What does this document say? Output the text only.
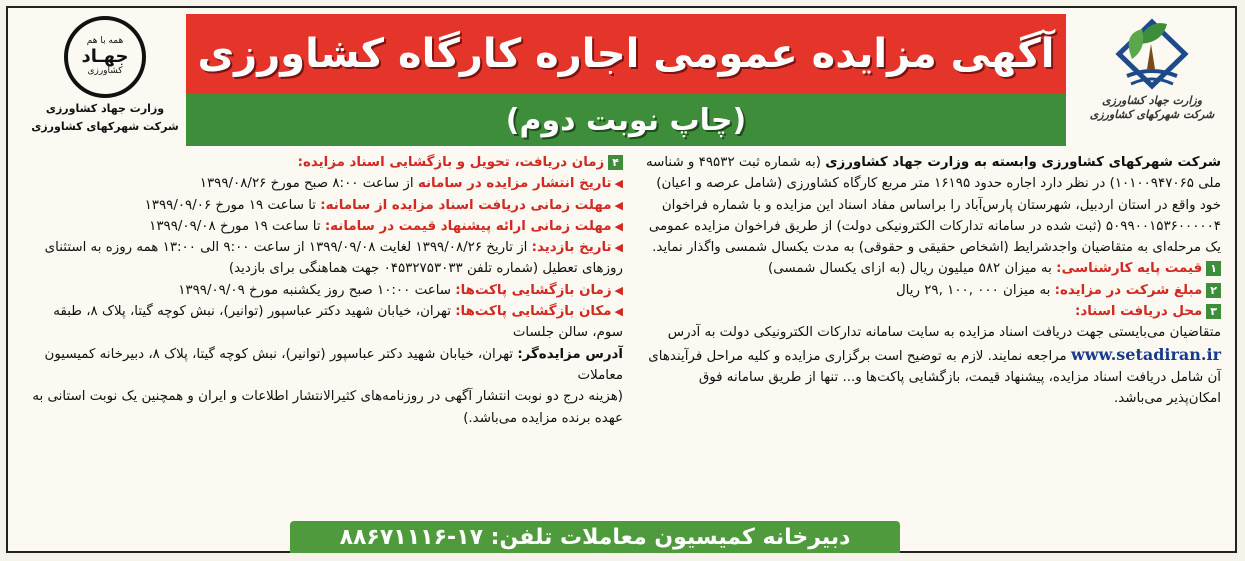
وزارت جهاد کشاورزی
شرکت شهرکهای کشاورزی
آگهی مزایده عمومی اجاره کارگاه کشاورزی
(چاپ نوبت دوم)
همه با هم
جهـاد
کشاورزی
وزارت جهاد کشاورزی
شرکت شهرکهای کشاورزی

شرکت شهرکهای کشاورزی وابسته به وزارت جهاد کشاورزی (به شماره ثبت ۴۹۵۳۲ و شناسه ملی ۱۰۱۰۰۹۴۷۰۶۵) در نظر دارد اجاره حدود ۱۶۱۹۵ متر مربع کارگاه کشاورزی (شامل عرصه و اعیان) خود واقع در استان اردبیل، شهرستان پارس‌آباد را براساس مفاد اسناد این مزایده و با شماره فراخوان ۵۰۹۹۰۰۱۵۳۶۰۰۰۰۰۴ (ثبت شده در سامانه تدارکات الکترونیکی دولت) از طریق فراخوان مزایده عمومی یک مرحله‌ای به متقاضیان واجدشرایط (اشخاص حقیقی و حقوقی) به مدت یکسال شمسی واگذار نماید.

۱قیمت پایه کارشناسی: به میزان ۵۸۲ میلیون ریال (به ازای یکسال شمسی)

۲مبلغ شرکت در مزایده: به میزان ۰۰۰ ,۱۰۰ ,۲۹ ریال

۳محل دریافت اسناد:

متقاضیان می‌بایستی جهت دریافت اسناد مزایده به سایت سامانه تدارکات الکترونیکی دولت به آدرس www.setadiran.ir مراجعه نمایند. لازم به توضیح است برگزاری مزایده و کلیه مراحل فرآیندهای آن شامل دریافت اسناد مزایده، پیشنهاد قیمت، بازگشایی پاکت‌ها و... تنها از طریق سامانه فوق امکان‌پذیر می‌باشد.

۴زمان دریافت، تحویل و بازگشایی اسناد مزایده:

◀تاریخ انتشار مزایده در سامانه از ساعت ۸:۰۰ صبح مورخ ۱۳۹۹/۰۸/۲۶

◀مهلت زمانی دریافت اسناد مزایده از سامانه: تا ساعت ۱۹ مورخ ۱۳۹۹/۰۹/۰۶

◀مهلت زمانی ارائه پیشنهاد قیمت در سامانه: تا ساعت ۱۹ مورخ ۱۳۹۹/۰۹/۰۸

◀تاریخ بازدید: از تاریخ ۱۳۹۹/۰۸/۲۶ لغایت ۱۳۹۹/۰۹/۰۸ از ساعت ۹:۰۰ الی ۱۳:۰۰ همه روزه به استثنای روزهای تعطیل (شماره تلفن ۰۴۵۳۲۷۵۳۰۳۳ جهت هماهنگی برای بازدید)

◀زمان بازگشایی پاکت‌ها: ساعت ۱۰:۰۰ صبح روز یکشنبه مورخ ۱۳۹۹/۰۹/۰۹

◀مکان بازگشایی پاکت‌ها: تهران، خیابان شهید دکتر عباسپور (توانیر)، نبش کوچه گیتا، پلاک ۸، طبقه سوم، سالن جلسات

آدرس مزایده‌گر: تهران، خیابان شهید دکتر عباسپور (توانیر)، نبش کوچه گیتا، پلاک ۸، دبیرخانه کمیسیون معاملات

(هزینه درج دو نوبت انتشار آگهی در روزنامه‌های کثیرالانتشار اطلاعات و ایران و همچنین یک نوبت استانی به عهده برنده مزایده می‌باشد.)

دبیرخانه کمیسیون معاملات تلفن: ۱۷-۸۸۶۷۱۱۱۶
